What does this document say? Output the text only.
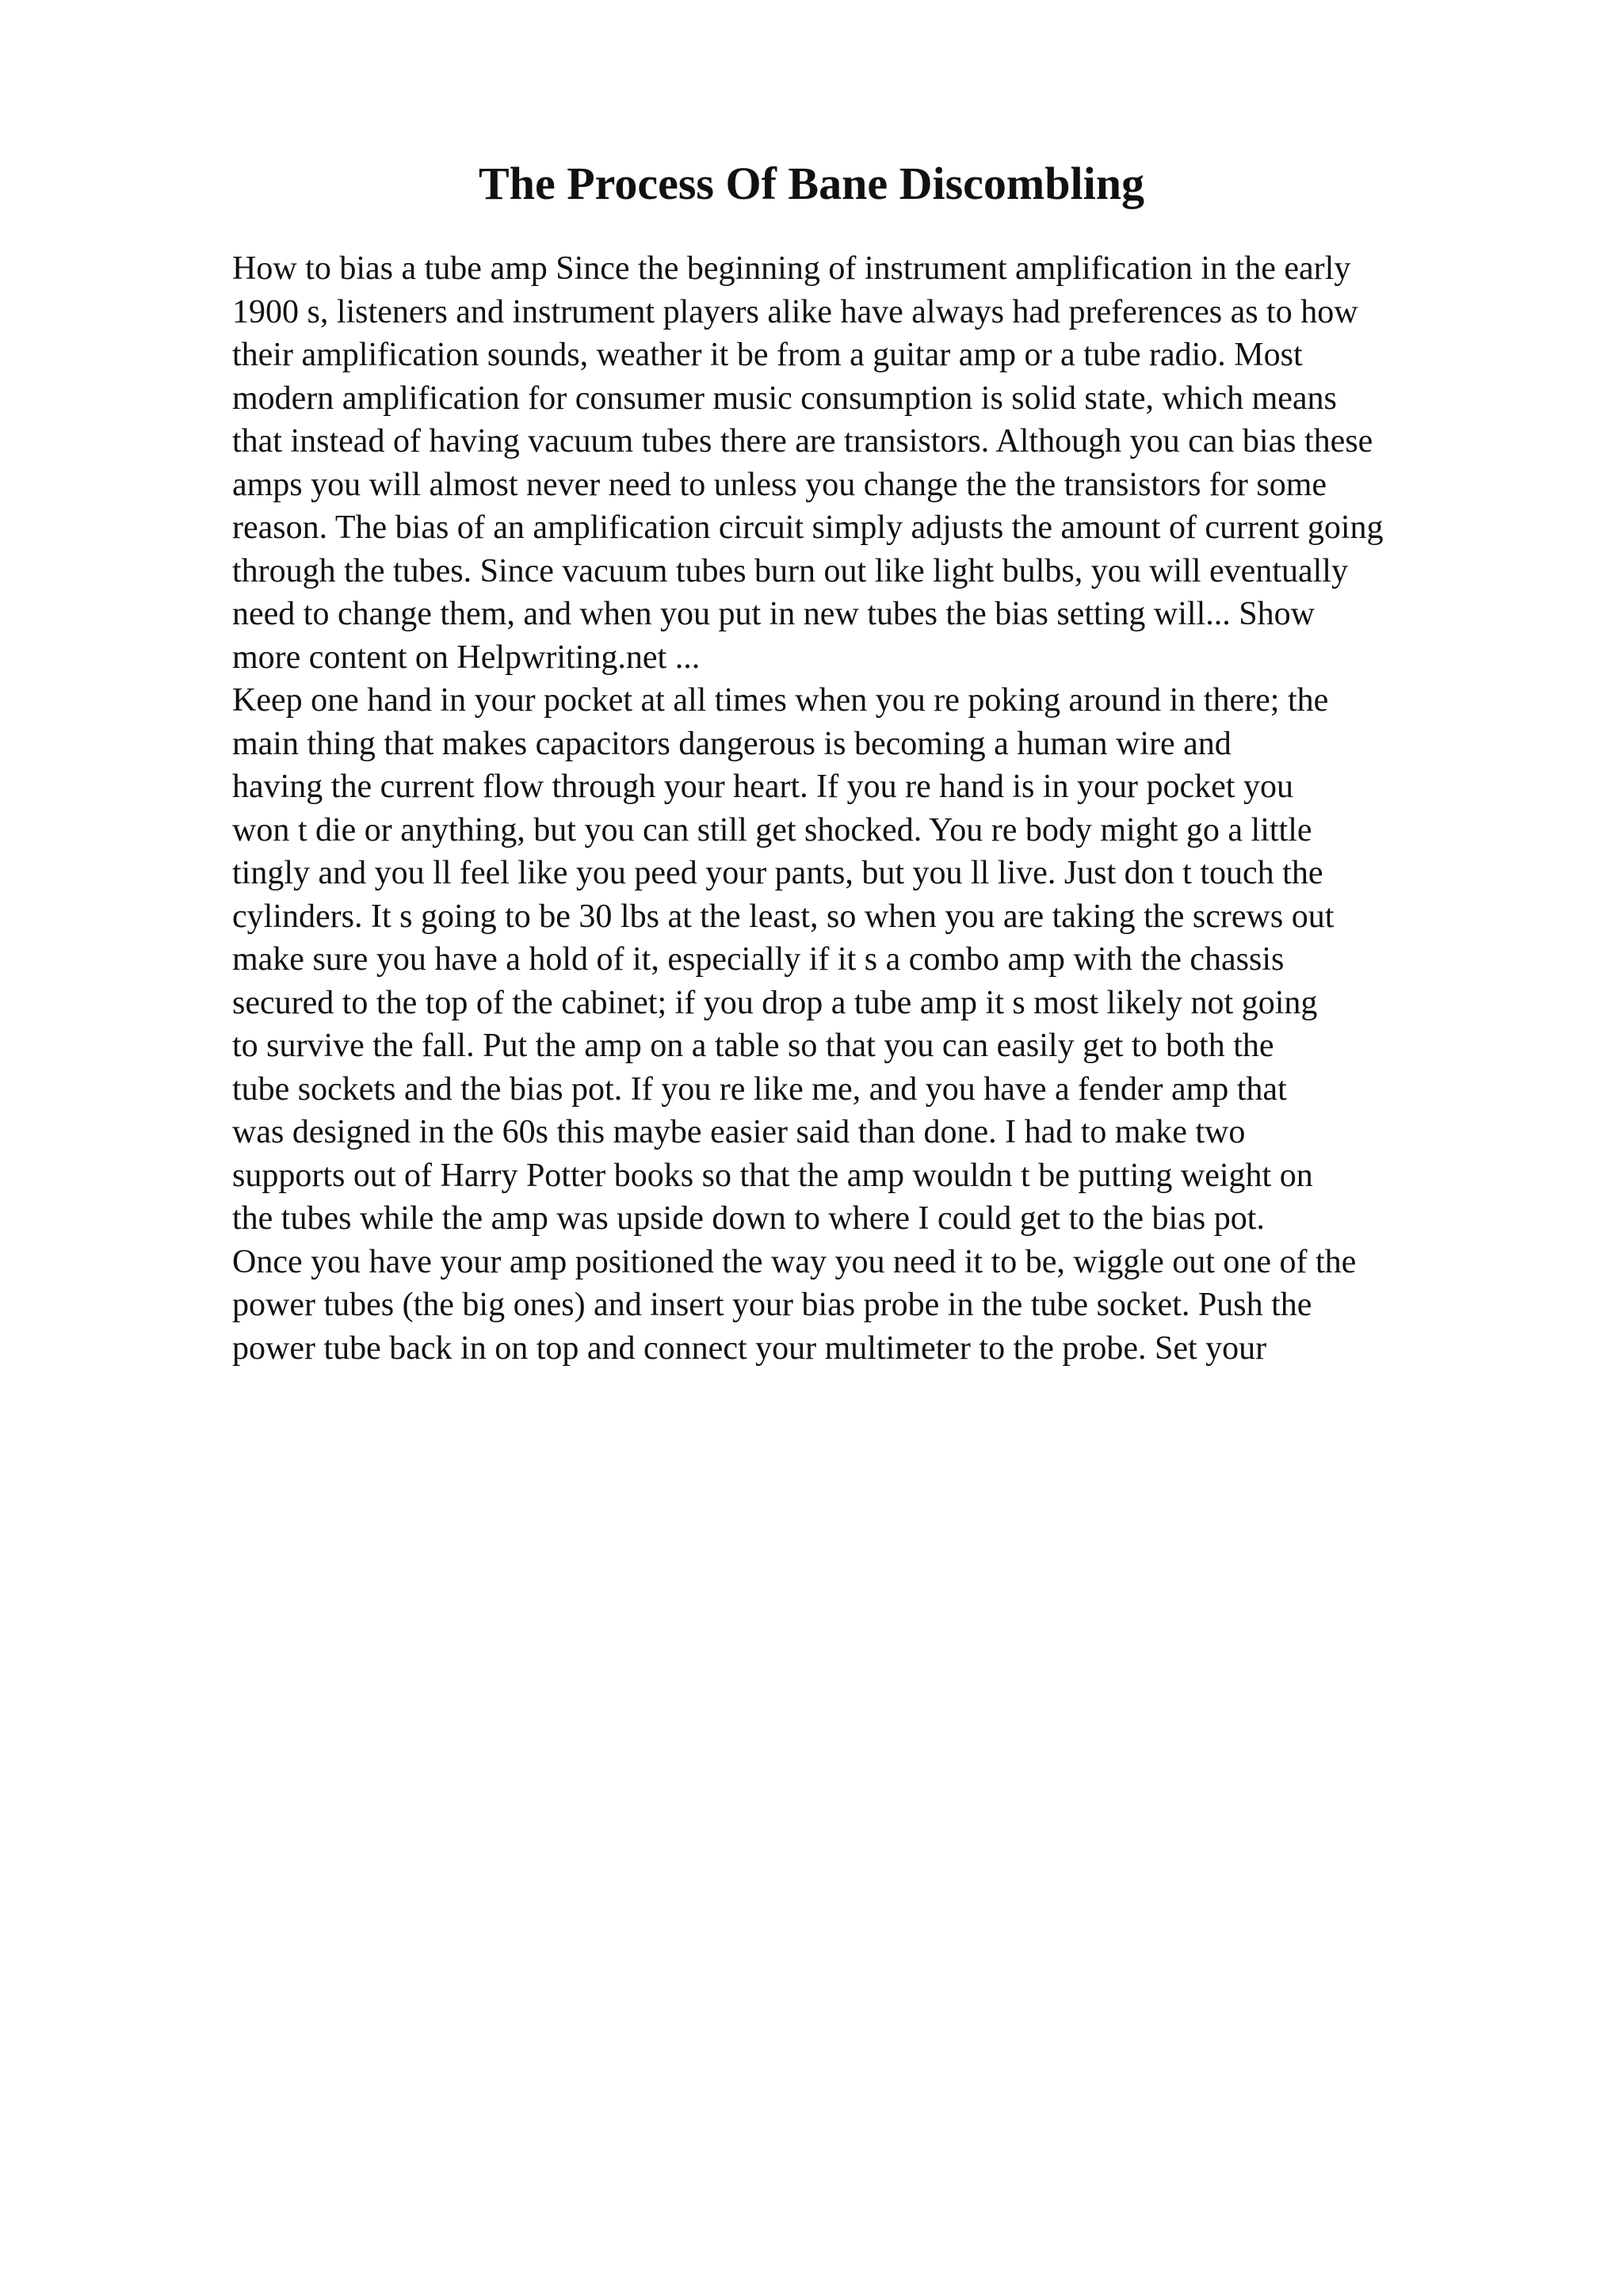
The Process Of Bane Discombling
How to bias a tube amp Since the beginning of instrument amplification in the early
1900 s, listeners and instrument players alike have always had preferences as to how
their amplification sounds, weather it be from a guitar amp or a tube radio. Most
modern amplification for consumer music consumption is solid state, which means
that instead of having vacuum tubes there are transistors. Although you can bias these
amps you will almost never need to unless you change the the transistors for some
reason. The bias of an amplification circuit simply adjusts the amount of current going
through the tubes. Since vacuum tubes burn out like light bulbs, you will eventually
need to change them, and when you put in new tubes the bias setting will... Show
more content on Helpwriting.net ...
Keep one hand in your pocket at all times when you re poking around in there; the
main thing that makes capacitors dangerous is becoming a human wire and
having the current flow through your heart. If you re hand is in your pocket you
won t die or anything, but you can still get shocked. You re body might go a little
tingly and you ll feel like you peed your pants, but you ll live. Just don t touch the
cylinders. It s going to be 30 lbs at the least, so when you are taking the screws out
make sure you have a hold of it, especially if it s a combo amp with the chassis
secured to the top of the cabinet; if you drop a tube amp it s most likely not going
to survive the fall. Put the amp on a table so that you can easily get to both the
tube sockets and the bias pot. If you re like me, and you have a fender amp that
was designed in the 60s this maybe easier said than done. I had to make two
supports out of Harry Potter books so that the amp wouldn t be putting weight on
the tubes while the amp was upside down to where I could get to the bias pot.
Once you have your amp positioned the way you need it to be, wiggle out one of the
power tubes (the big ones) and insert your bias probe in the tube socket. Push the
power tube back in on top and connect your multimeter to the probe. Set your
